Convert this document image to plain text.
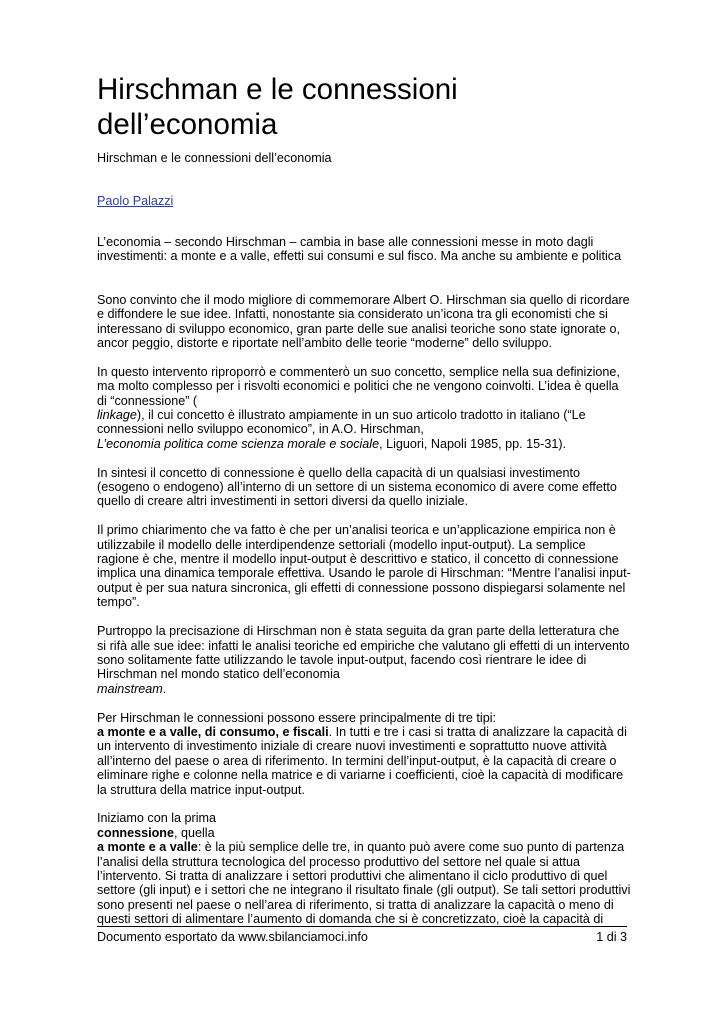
Hirschman e le connessioni
dell’economia

Hirschman e le connessioni dell’economia

Paolo Palazzi

L’economia – secondo Hirschman – cambia in base alle connessioni messe in moto dagli investimenti: a monte e a valle, effetti sui consumi e sul fisco. Ma anche su ambiente e politica

Sono convinto che il modo migliore di commemorare Albert O. Hirschman sia quello di ricordare e diffondere le sue idee. Infatti, nonostante sia considerato un’icona tra gli economisti che si interessano di sviluppo economico, gran parte delle sue analisi teoriche sono state ignorate o, ancor peggio, distorte e riportate nell’ambito delle teorie “moderne” dello sviluppo.

In questo intervento riproporrò e commenterò un suo concetto, semplice nella sua definizione, ma molto complesso per i risvolti economici e politici che ne vengono coinvolti. L’idea è quella di “connessione” (
linkage), il cui concetto è illustrato ampiamente in un suo articolo tradotto in italiano (“Le connessioni nello sviluppo economico”, in A.O. Hirschman,
L’economia politica come scienza morale e sociale, Liguori, Napoli 1985, pp. 15-31).

In sintesi il concetto di connessione è quello della capacità di un qualsiasi investimento (esogeno o endogeno) all’interno di un settore di un sistema economico di avere come effetto quello di creare altri investimenti in settori diversi da quello iniziale.

Il primo chiarimento che va fatto è che per un’analisi teorica e un’applicazione empirica non è utilizzabile il modello delle interdipendenze settoriali (modello input-output). La semplice ragione è che, mentre il modello input-output è descrittivo e statico, il concetto di connessione implica una dinamica temporale effettiva. Usando le parole di Hirschman: “Mentre l’analisi input-output è per sua natura sincronica, gli effetti di connessione possono dispiegarsi solamente nel tempo”.

Purtroppo la precisazione di Hirschman non è stata seguita da gran parte della letteratura che si rifà alle sue idee: infatti le analisi teoriche ed empiriche che valutano gli effetti di un intervento sono solitamente fatte utilizzando le tavole input-output, facendo così rientrare le idee di Hirschman nel mondo statico dell’economia
mainstream.

Per Hirschman le connessioni possono essere principalmente di tre tipi:
a monte e a valle, di consumo, e fiscali. In tutti e tre i casi si tratta di analizzare la capacità di un intervento di investimento iniziale di creare nuovi investimenti e soprattutto nuove attività all’interno del paese o area di riferimento. In termini dell’input-output, è la capacità di creare o eliminare righe e colonne nella matrice e di variarne i coefficienti, cioè la capacità di modificare la struttura della matrice input-output.

Iniziamo con la prima
connessione, quella
a monte e a valle: è la più semplice delle tre, in quanto può avere come suo punto di partenza l’analisi della struttura tecnologica del processo produttivo del settore nel quale si attua l’intervento. Si tratta di analizzare i settori produttivi che alimentano il ciclo produttivo di quel settore (gli input) e i settori che ne integrano il risultato finale (gli output). Se tali settori produttivi sono presenti nel paese o nell’area di riferimento, si tratta di analizzare la capacità o meno di questi settori di alimentare l’aumento di domanda che si è concretizzato, cioè la capacità di

Documento esportato da www.sbilanciamoci.info	1 di 3
